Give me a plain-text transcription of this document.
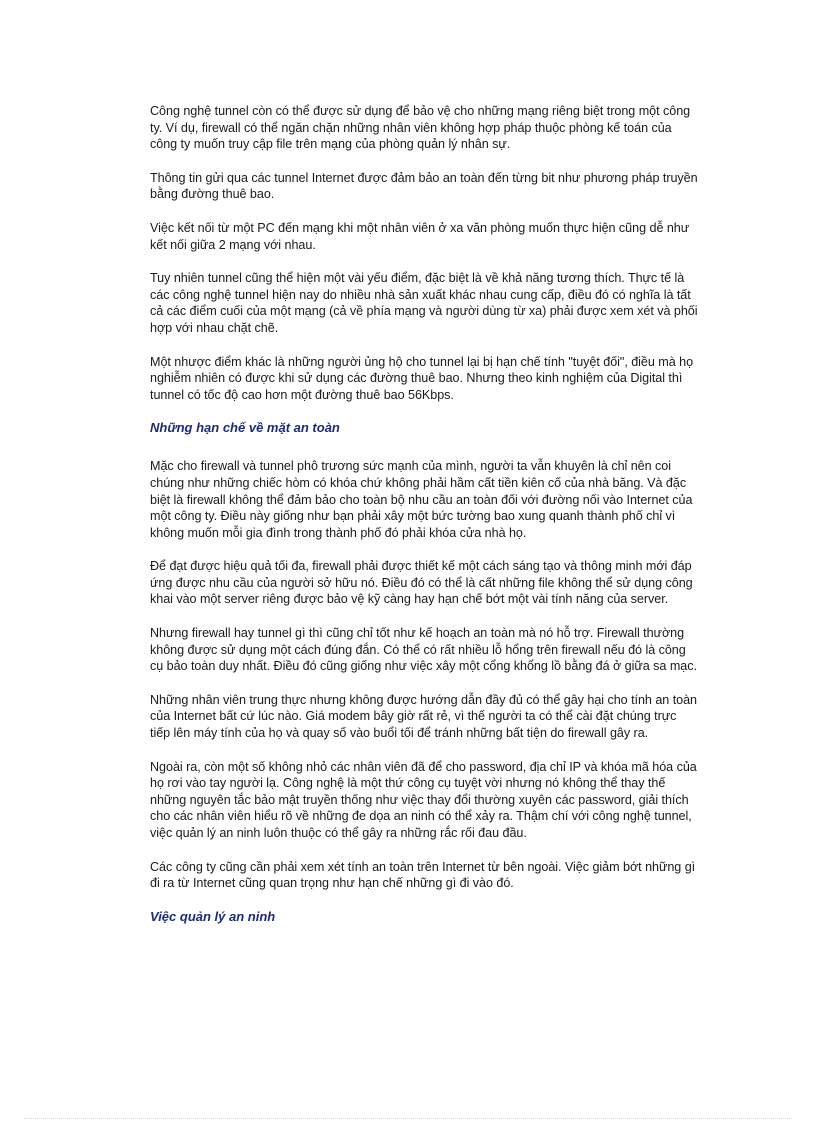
Công nghệ tunnel còn có thể được sử dụng để bảo vệ cho những mạng riêng biệt trong một công ty. Ví dụ, firewall có thể ngăn chặn những nhân viên không hợp pháp thuộc phòng kế toán của công ty muốn truy cập file trên mạng của phòng quản lý nhân sự.

Thông tin gửi qua các tunnel Internet được đảm bảo an toàn đến từng bit như phương pháp truyền bằng đường thuê bao.

Việc kết nối từ một PC đến mạng khi một nhân viên ở xa văn phòng muốn thực hiện cũng dễ như kết nối giữa 2 mạng với nhau.

Tuy nhiên tunnel cũng thể hiện một vài yếu điểm, đặc biệt là về khả năng tương thích. Thực tế là các công nghệ tunnel hiện nay do nhiều nhà sản xuất khác nhau cung cấp, điều đó có nghĩa là tất cả các điểm cuối của một mạng (cả về phía mạng và người dùng từ xa) phải được xem xét và phối hợp với nhau chặt chẽ.

Một nhược điểm khác là những người ủng hộ cho tunnel lại bị hạn chế tính "tuyệt đối", điều mà họ nghiễm nhiên có được khi sử dụng các đường thuê bao. Nhưng theo kinh nghiệm của Digital thì tunnel có tốc độ cao hơn một đường thuê bao 56Kbps.

Những hạn chế về mặt an toàn

Mặc cho firewall và tunnel phô trương sức mạnh của mình, người ta vẫn khuyên là chỉ nên coi chúng như những chiếc hòm có khóa chứ không phải hầm cất tiền kiên cố của nhà băng. Và đặc biệt là firewall không thể đảm bảo cho toàn bộ nhu cầu an toàn đối với đường nối vào Internet của một công ty. Điều này giống như bạn phải xây một bức tường bao xung quanh thành phố chỉ vì không muốn mỗi gia đình trong thành phố đó phải khóa cửa nhà họ.

Để đạt được hiệu quả tối đa, firewall phải được thiết kế một cách sáng tạo và thông minh mới đáp ứng được nhu cầu của người sở hữu nó. Điều đó có thể là cất những file không thể sử dụng công khai vào một server riêng được bảo vệ kỹ càng hay hạn chế bớt một vài tính năng của server.

Nhưng firewall hay tunnel gì thì cũng chỉ tốt như kế hoạch an toàn mà nó hỗ trợ. Firewall thường không được sử dụng một cách đúng đắn. Có thể có rất nhiều lỗ hổng trên firewall nếu đó là công cụ bảo toàn duy nhất. Điều đó cũng giống như việc xây một cổng khổng lồ bằng đá ở giữa sa mạc.

Những nhân viên trung thực nhưng không được hướng dẫn đầy đủ có thể gây hại cho tính an toàn của Internet bất cứ lúc nào. Giá modem bây giờ rất rẻ, vì thế người ta có thể cài đặt chúng trực tiếp lên máy tính của họ và quay số vào buổi tối để tránh những bất tiện do firewall gây ra.

Ngoài ra, còn một số không nhỏ các nhân viên đã để cho password, địa chỉ IP và khóa mã hóa của họ rơi vào tay người lạ. Công nghệ là một thứ công cụ tuyệt vời nhưng nó không thể thay thế những nguyên tắc bảo mật truyền thống như việc thay đổi thường xuyên các password, giải thích cho các nhân viên hiểu rõ về những đe dọa an ninh có thể xảy ra. Thậm chí với công nghệ tunnel, việc quản lý an ninh luôn thuộc có thể gây ra những rắc rối đau đầu.

Các công ty cũng cần phải xem xét tính an toàn trên Internet từ bên ngoài. Việc giảm bớt những gì đi ra từ Internet cũng quan trọng như hạn chế những gì đi vào đó.

Việc quản lý an ninh
